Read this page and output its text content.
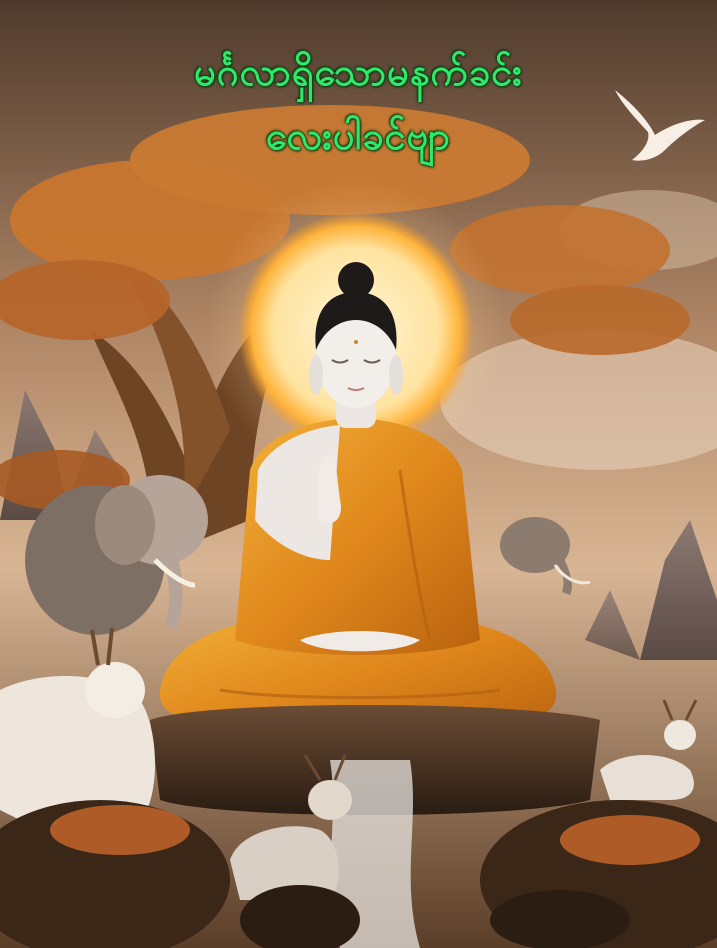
မင်္ဂလာရှိသောမနက်ခင်း
လေးပါခင်ဗျာ
